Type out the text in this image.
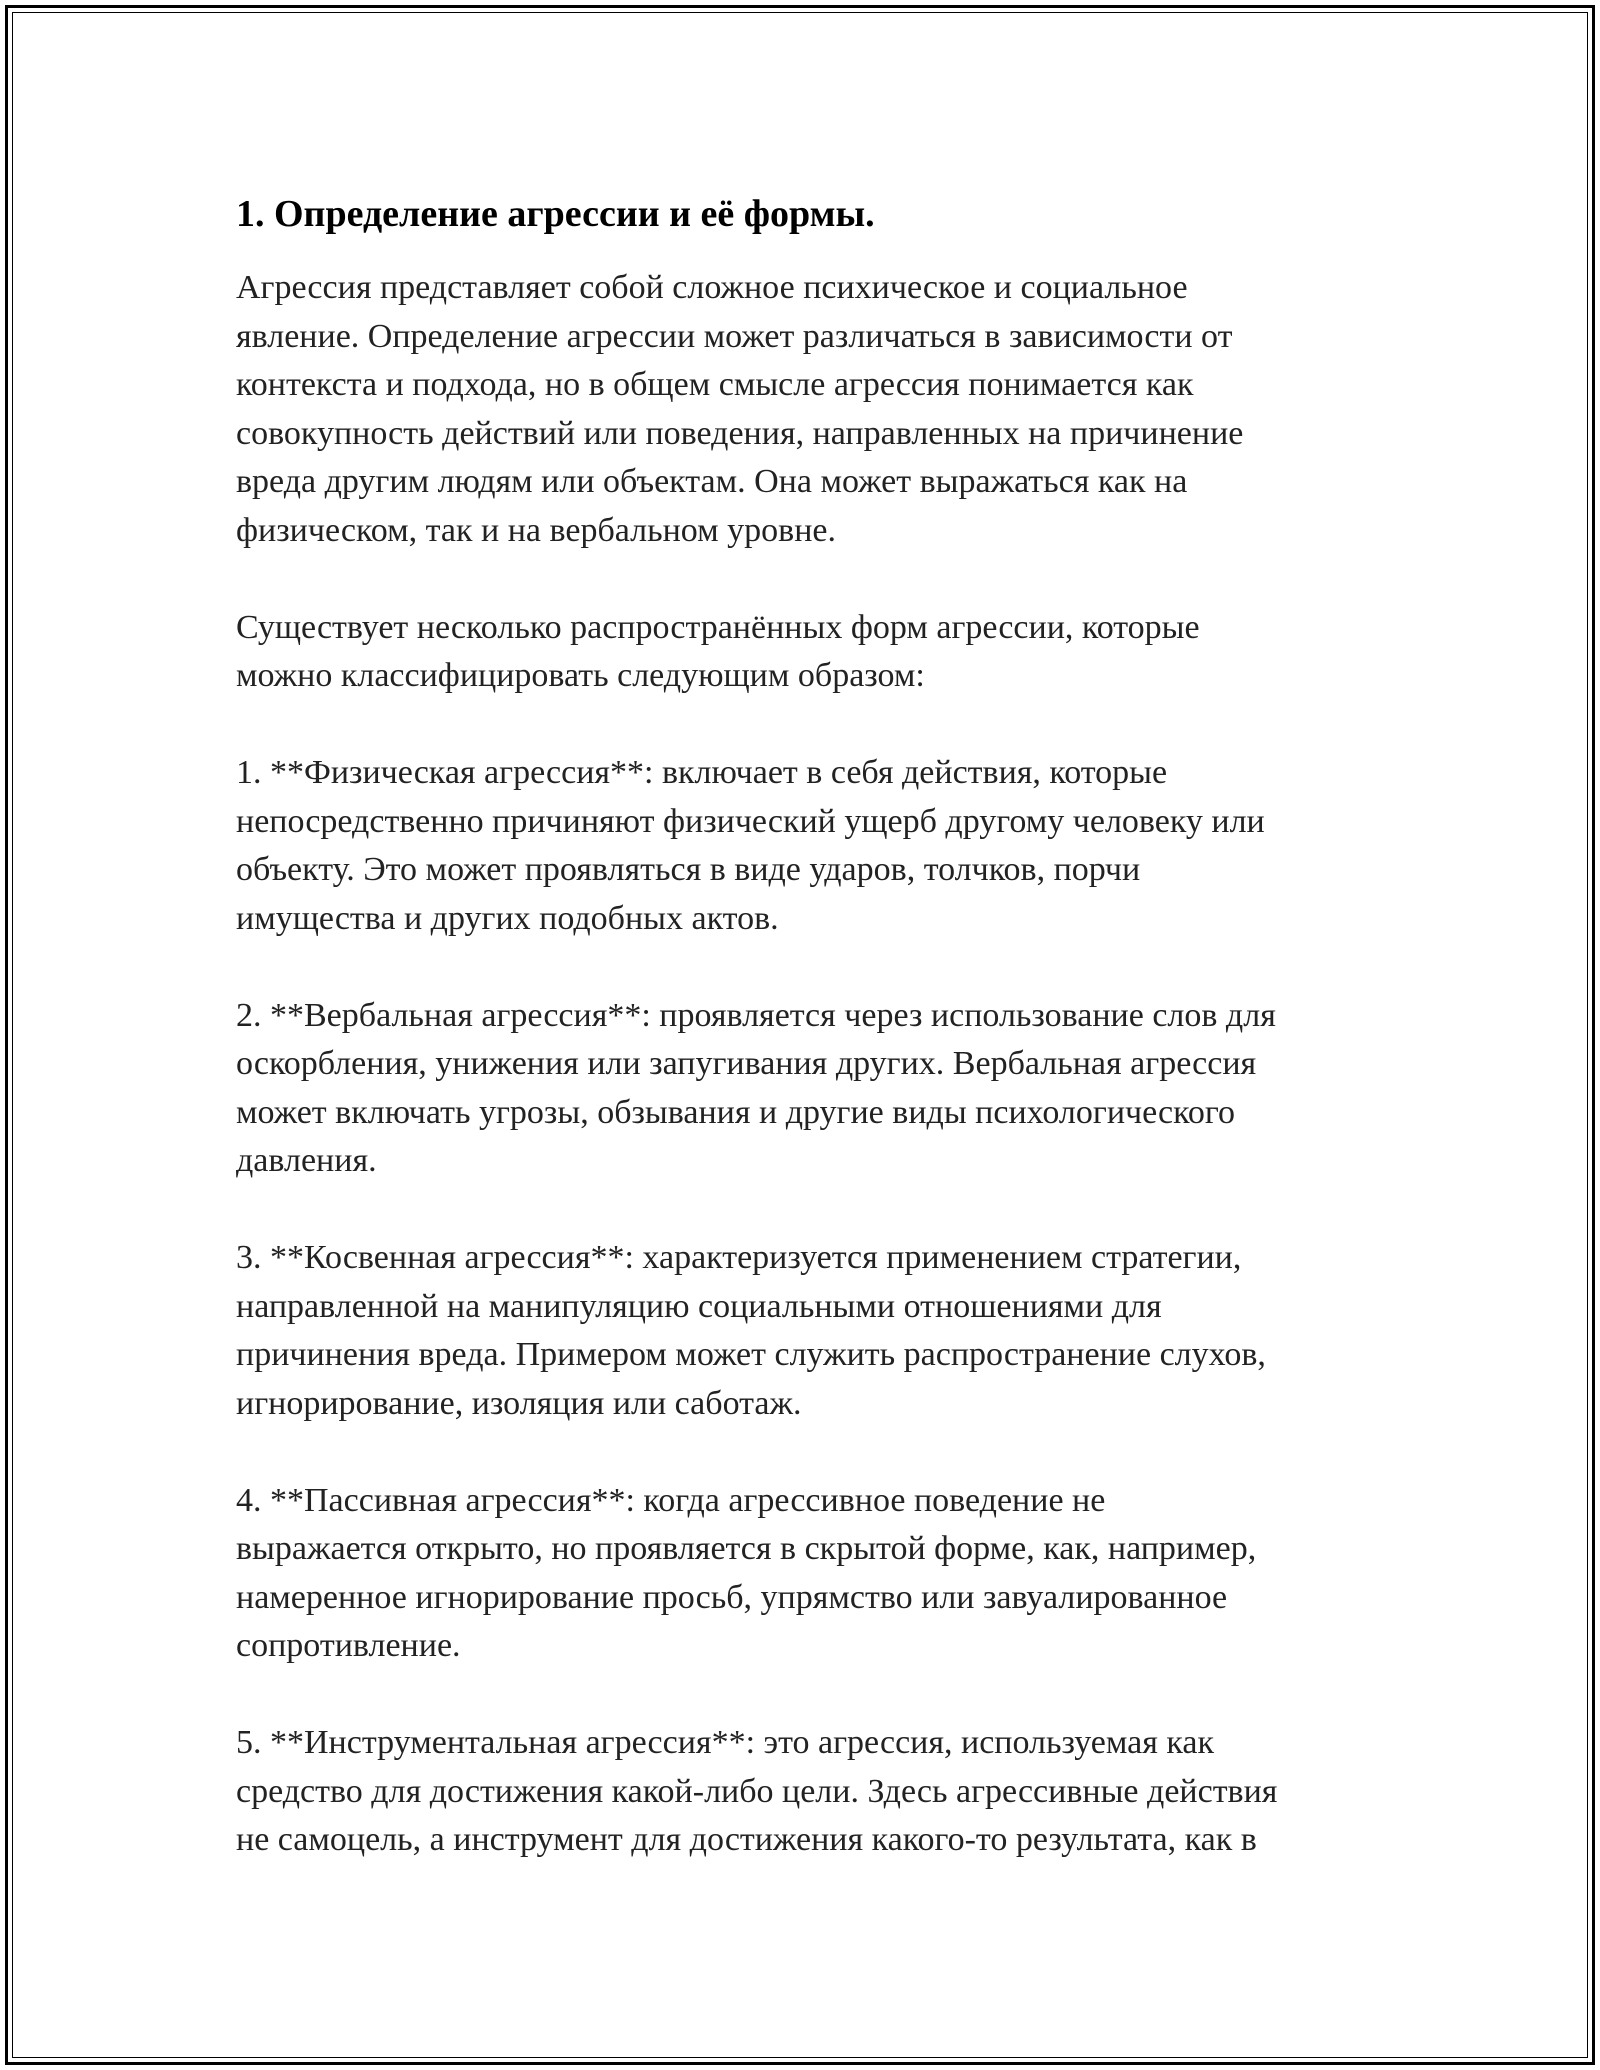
1. Определение агрессии и её формы.

Агрессия представляет собой сложное психическое и социальное
явление. Определение агрессии может различаться в зависимости от
контекста и подхода, но в общем смысле агрессия понимается как
совокупность действий или поведения, направленных на причинение
вреда другим людям или объектам. Она может выражаться как на
физическом, так и на вербальном уровне.

Существует несколько распространённых форм агрессии, которые
можно классифицировать следующим образом:

1. **Физическая агрессия**: включает в себя действия, которые
непосредственно причиняют физический ущерб другому человеку или
объекту. Это может проявляться в виде ударов, толчков, порчи
имущества и других подобных актов.

2. **Вербальная агрессия**: проявляется через использование слов для
оскорбления, унижения или запугивания других. Вербальная агрессия
может включать угрозы, обзывания и другие виды психологического
давления.

3. **Косвенная агрессия**: характеризуется применением стратегии,
направленной на манипуляцию социальными отношениями для
причинения вреда. Примером может служить распространение слухов,
игнорирование, изоляция или саботаж.

4. **Пассивная агрессия**: когда агрессивное поведение не
выражается открыто, но проявляется в скрытой форме, как, например,
намеренное игнорирование просьб, упрямство или завуалированное
сопротивление.

5. **Инструментальная агрессия**: это агрессия, используемая как
средство для достижения какой-либо цели. Здесь агрессивные действия
не самоцель, а инструмент для достижения какого-то результата, как в
